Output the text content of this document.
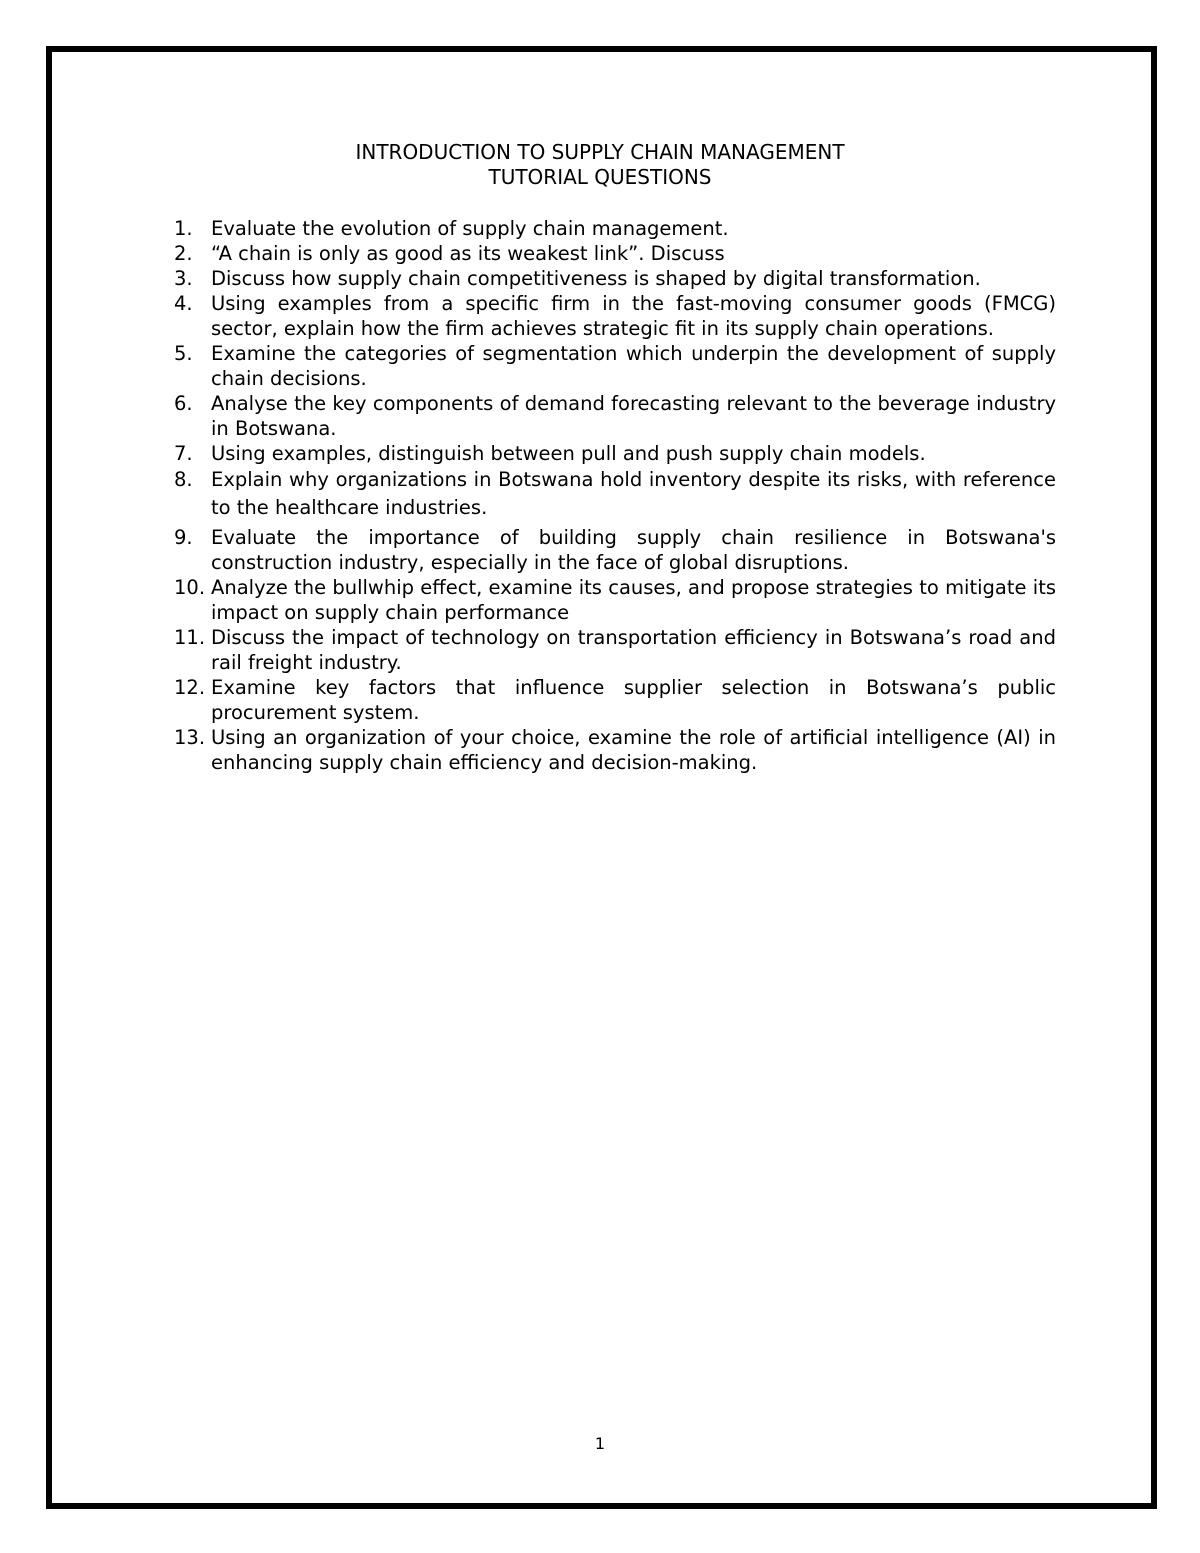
INTRODUCTION TO SUPPLY CHAIN MANAGEMENT

TUTORIAL QUESTIONS

1. Evaluate the evolution of supply chain management.
2. “A chain is only as good as its weakest link”. Discuss
3. Discuss how supply chain competitiveness is shaped by digital transformation.
4. Using examples from a specific firm in the fast-moving consumer goods (FMCG) sector, explain how the firm achieves strategic fit in its supply chain operations.
5. Examine the categories of segmentation which underpin the development of supply chain decisions.
6. Analyse the key components of demand forecasting relevant to the beverage industry in Botswana.
7. Using examples, distinguish between pull and push supply chain models.
8. Explain why organizations in Botswana hold inventory despite its risks, with reference to the healthcare industries.
9. Evaluate the importance of building supply chain resilience in Botswana's construction industry, especially in the face of global disruptions.
10. Analyze the bullwhip effect, examine its causes, and propose strategies to mitigate its impact on supply chain performance
11. Discuss the impact of technology on transportation efficiency in Botswana’s road and rail freight industry.
12. Examine key factors that influence supplier selection in Botswana’s public procurement system.
13. Using an organization of your choice, examine the role of artificial intelligence (AI) in enhancing supply chain efficiency and decision-making.
1
